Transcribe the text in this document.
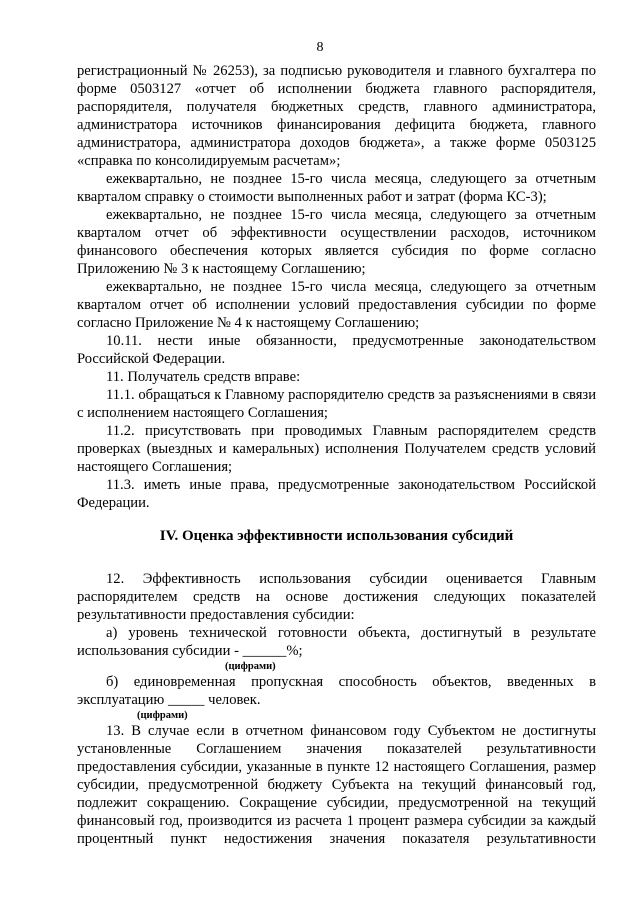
8
регистрационный № 26253), за подписью руководителя и главного бухгалтера по
форме 0503127 «отчет об исполнении бюджета главного распорядителя,
распорядителя, получателя бюджетных средств, главного администратора,
администратора источников финансирования дефицита бюджета, главного
администратора, администратора доходов бюджета», а также форме 0503125
«справка по консолидируемым расчетам»;
ежеквартально, не позднее 15-го числа месяца, следующего за отчетным
кварталом справку о стоимости выполненных работ и затрат (форма КС-3);
ежеквартально, не позднее 15-го числа месяца, следующего за отчетным
кварталом отчет об эффективности осуществлении расходов, источником
финансового обеспечения которых является субсидия по форме согласно
Приложению № 3 к настоящему Соглашению;
ежеквартально, не позднее 15-го числа месяца, следующего за отчетным
кварталом отчет об исполнении условий предоставления субсидии по форме
согласно Приложение № 4 к настоящему Соглашению;
10.11. нести иные обязанности, предусмотренные законодательством
Российской Федерации.
11. Получатель средств вправе:
11.1. обращаться к Главному распорядителю средств за разъяснениями в связи
с исполнением настоящего Соглашения;
11.2. присутствовать при проводимых Главным распорядителем средств
проверках (выездных и камеральных) исполнения Получателем средств условий
настоящего Соглашения;
11.3. иметь иные права, предусмотренные законодательством Российской
Федерации.
IV. Оценка эффективности использования субсидий
12. Эффективность использования субсидии оценивается Главным
распорядителем средств на основе достижения следующих показателей
результативности предоставления субсидии:
а) уровень технической готовности объекта, достигнутый в результате
использования субсидии - ______%;
(цифрами)
б) единовременная пропускная способность объектов, введенных в
эксплуатацию _____ человек.
(цифрами)
13. В случае если в отчетном финансовом году Субъектом не достигнуты
установленные Соглашением значения показателей результативности
предоставления субсидии, указанные в пункте 12 настоящего Соглашения, размер
субсидии, предусмотренной бюджету Субъекта на текущий финансовый год,
подлежит сокращению. Сокращение субсидии, предусмотренной на текущий
финансовый год, производится из расчета 1 процент размера субсидии за каждый
процентный пункт недостижения значения показателя результативности
